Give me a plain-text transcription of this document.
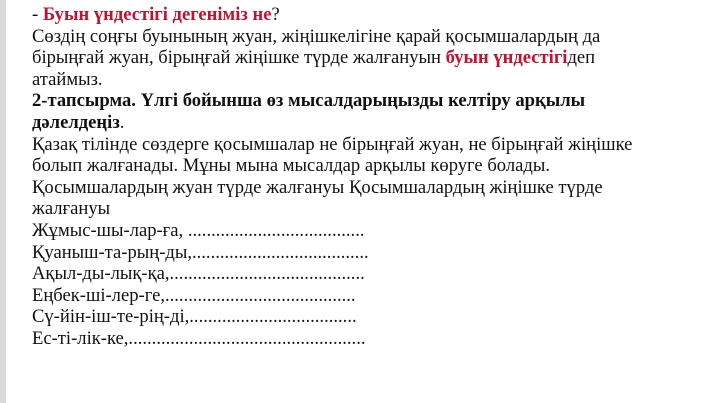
- Буын үндестігі дегеніміз не?
Сөздің соңғы буынының жуан, жіңішкелігіне қарай қосымшалардың да
бірыңғай жуан, бірыңғай жіңішке түрде жалғануын буын үндестігідеп
атаймыз.
2-тапсырма. Үлгі бойынша өз мысалдарыңызды келтіру арқылы
дәлелдеңіз.
Қазақ тілінде сөздерге қосымшалар не бірыңғай жуан, не бірыңғай жіңішке
болып жалғанады. Мұны мына мысалдар арқылы көруге болады.
Қосымшалардың жуан түрде жалғануы Қосымшалардың жіңішке түрде
жалғануы
Жұмыс-шы-лар-ға, ......................................
Қуаныш-та-рың-ды,......................................
Ақыл-ды-лық-қа,..........................................
Еңбек-ші-лер-ге,.........................................
Сү-йін-іш-те-рің-ді,....................................
Ес-ті-лік-ке,...................................................
